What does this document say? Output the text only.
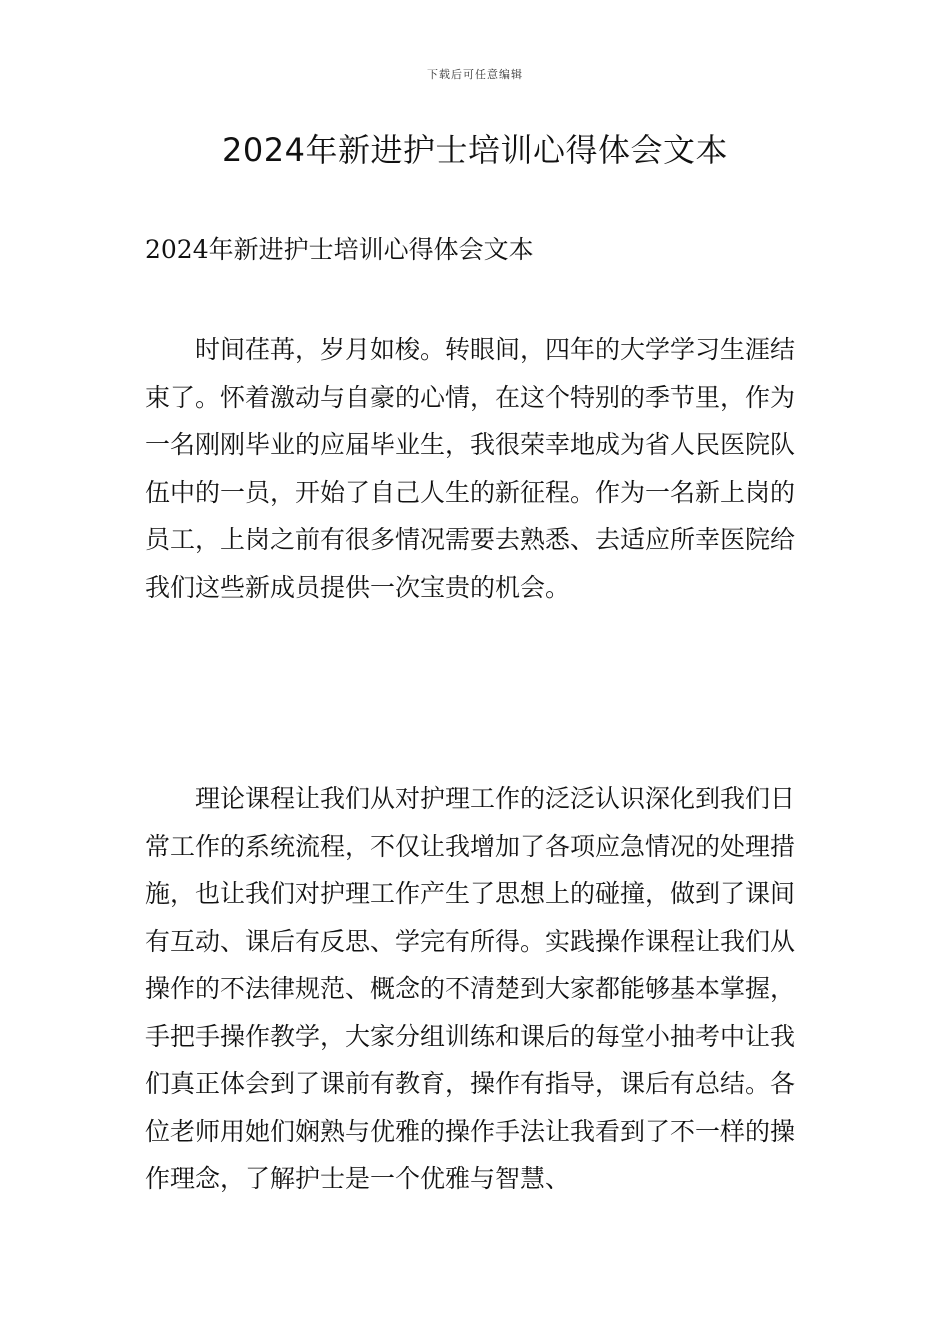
下载后可任意编辑
2024年新进护士培训心得体会文本

2024年新进护士培训心得体会文本

时间荏苒，岁月如梭。转眼间，四年的大学学习生涯结束了。怀着激动与自豪的心情，在这个特别的季节里，作为一名刚刚毕业的应届毕业生，我很荣幸地成为省人民医院队伍中的一员，开始了自己人生的新征程。作为一名新上岗的员工，上岗之前有很多情况需要去熟悉、去适应所幸医院给我们这些新成员提供一次宝贵的机会。

理论课程让我们从对护理工作的泛泛认识深化到我们日常工作的系统流程，不仅让我增加了各项应急情况的处理措施，也让我们对护理工作产生了思想上的碰撞，做到了课间有互动、课后有反思、学完有所得。实践操作课程让我们从操作的不法律规范、概念的不清楚到大家都能够基本掌握，手把手操作教学，大家分组训练和课后的每堂小抽考中让我们真正体会到了课前有教育，操作有指导，课后有总结。各位老师用她们娴熟与优雅的操作手法让我看到了不一样的操作理念，了解护士是一个优雅与智慧、
